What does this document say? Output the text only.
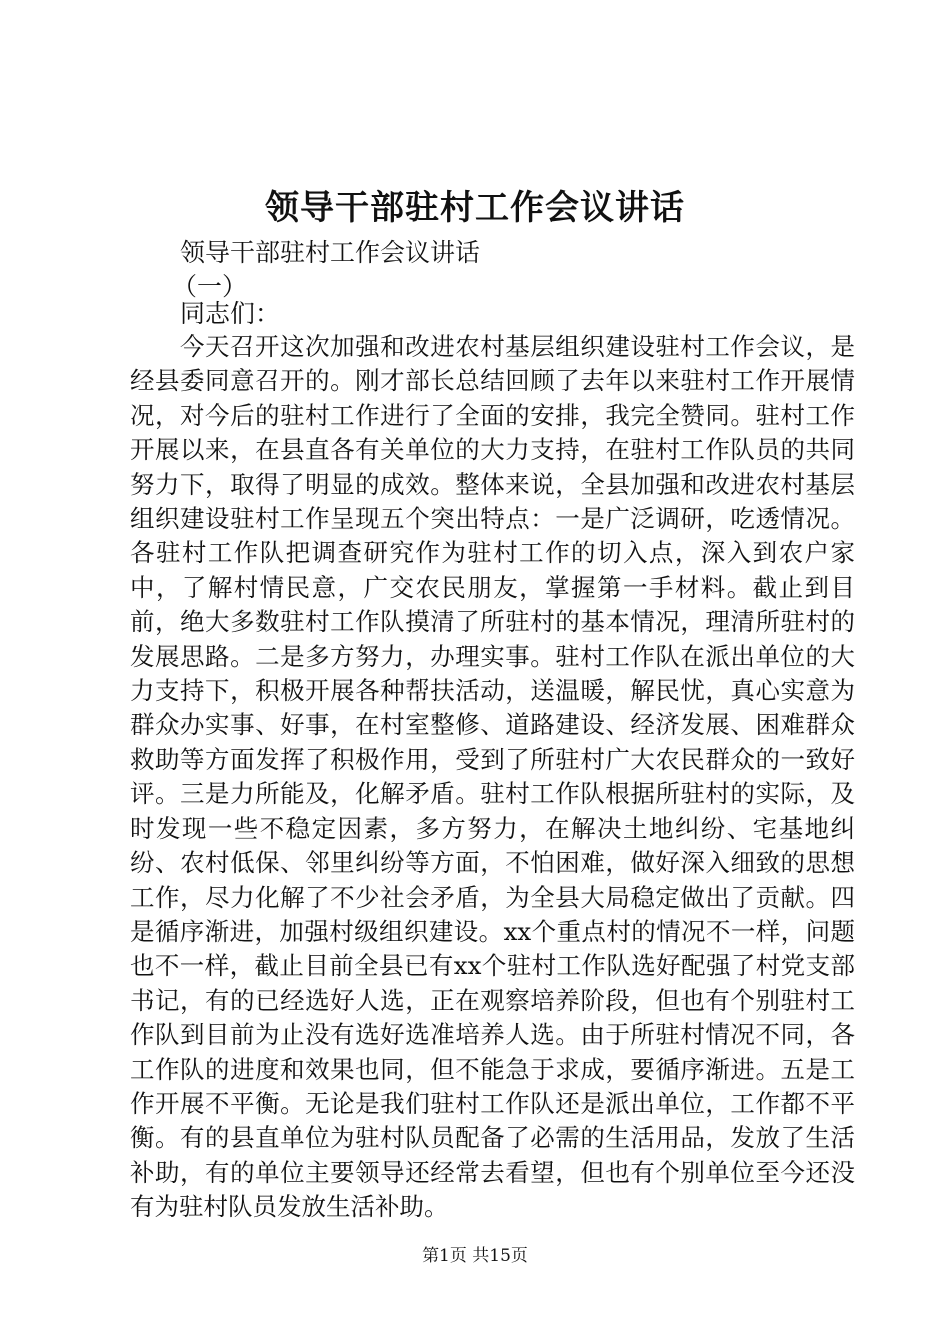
领导干部驻村工作会议讲话
领导干部驻村工作会议讲话
（一）
同志们：

今天召开这次加强和改进农村基层组织建设驻村工作会议，是经县委同意召开的。刚才部长总结回顾了去年以来驻村工作开展情况，对今后的驻村工作进行了全面的安排，我完全赞同。驻村工作开展以来，在县直各有关单位的大力支持，在驻村工作队员的共同努力下，取得了明显的成效。整体来说，全县加强和改进农村基层组织建设驻村工作呈现五个突出特点：一是广泛调研，吃透情况。各驻村工作队把调查研究作为驻村工作的切入点，深入到农户家中，了解村情民意，广交农民朋友，掌握第一手材料。截止到目前，绝大多数驻村工作队摸清了所驻村的基本情况，理清所驻村的发展思路。二是多方努力，办理实事。驻村工作队在派出单位的大力支持下，积极开展各种帮扶活动，送温暖，解民忧，真心实意为群众办实事、好事，在村室整修、道路建设、经济发展、困难群众救助等方面发挥了积极作用，受到了所驻村广大农民群众的一致好评。三是力所能及，化解矛盾。驻村工作队根据所驻村的实际，及时发现一些不稳定因素，多方努力，在解决土地纠纷、宅基地纠纷、农村低保、邻里纠纷等方面，不怕困难，做好深入细致的思想工作，尽力化解了不少社会矛盾，为全县大局稳定做出了贡献。四是循序渐进，加强村级组织建设。xx个重点村的情况不一样，问题也不一样，截止目前全县已有xx个驻村工作队选好配强了村党支部书记，有的已经选好人选，正在观察培养阶段，但也有个别驻村工作队到目前为止没有选好选准培养人选。由于所驻村情况不同，各工作队的进度和效果也同，但不能急于求成，要循序渐进。五是工作开展不平衡。无论是我们驻村工作队还是派出单位，工作都不平衡。有的县直单位为驻村队员配备了必需的生活用品，发放了生活补助，有的单位主要领导还经常去看望，但也有个别单位至今还没有为驻村队员发放生活补助。

第1页 共15页
